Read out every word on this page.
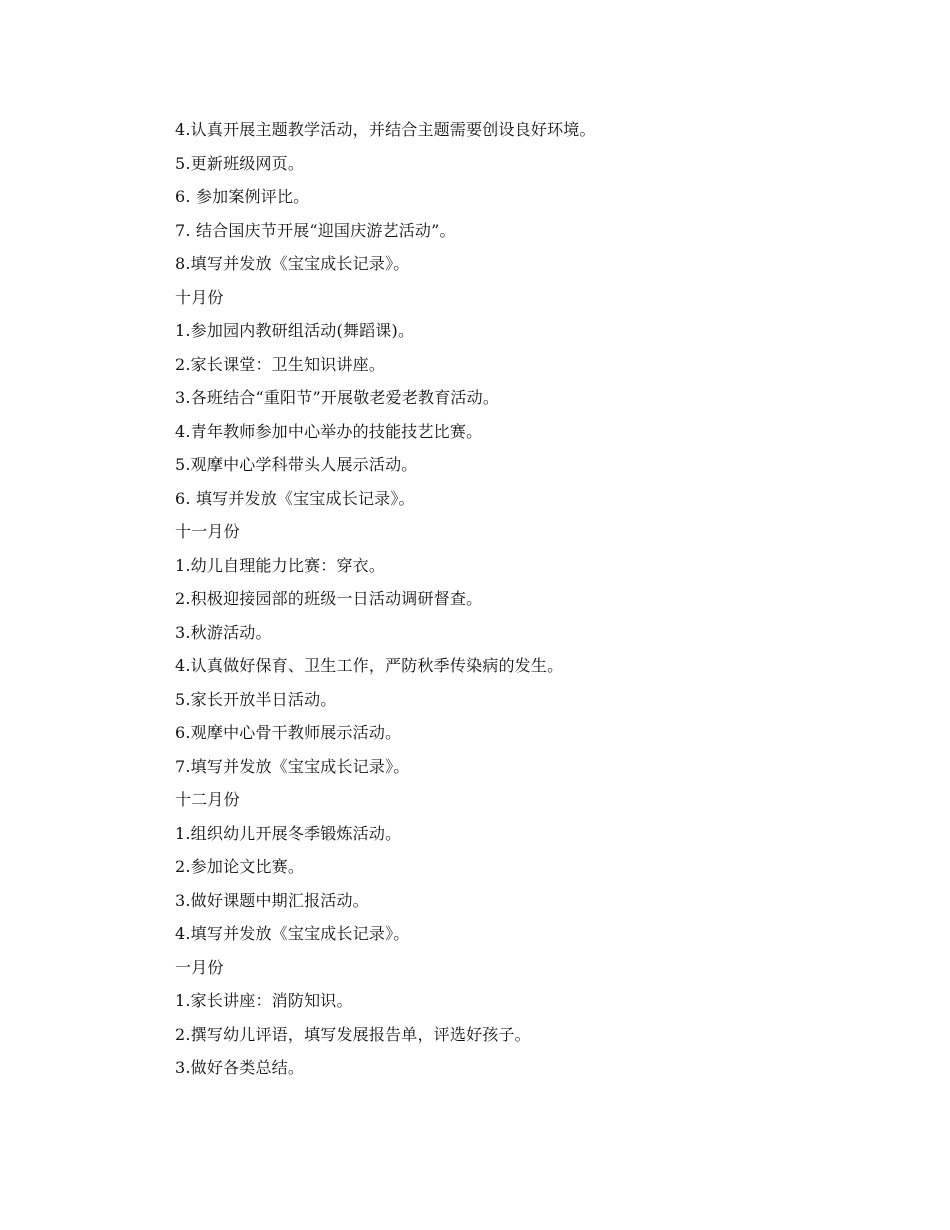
4.认真开展主题教学活动，并结合主题需要创设良好环境。
5.更新班级网页。
6. 参加案例评比。
7. 结合国庆节开展“迎国庆游艺活动”。
8.填写并发放《宝宝成长记录》。
十月份
1.参加园内教研组活动(舞蹈课)。
2.家长课堂：卫生知识讲座。
3.各班结合“重阳节”开展敬老爱老教育活动。
4.青年教师参加中心举办的技能技艺比赛。
5.观摩中心学科带头人展示活动。
6. 填写并发放《宝宝成长记录》。
十一月份
1.幼儿自理能力比赛：穿衣。
2.积极迎接园部的班级一日活动调研督查。
3.秋游活动。
4.认真做好保育、卫生工作，严防秋季传染病的发生。
5.家长开放半日活动。
6.观摩中心骨干教师展示活动。
7.填写并发放《宝宝成长记录》。
十二月份
1.组织幼儿开展冬季锻炼活动。
2.参加论文比赛。
3.做好课题中期汇报活动。
4.填写并发放《宝宝成长记录》。
一月份
1.家长讲座：消防知识。
2.撰写幼儿评语，填写发展报告单，评选好孩子。
3.做好各类总结。
